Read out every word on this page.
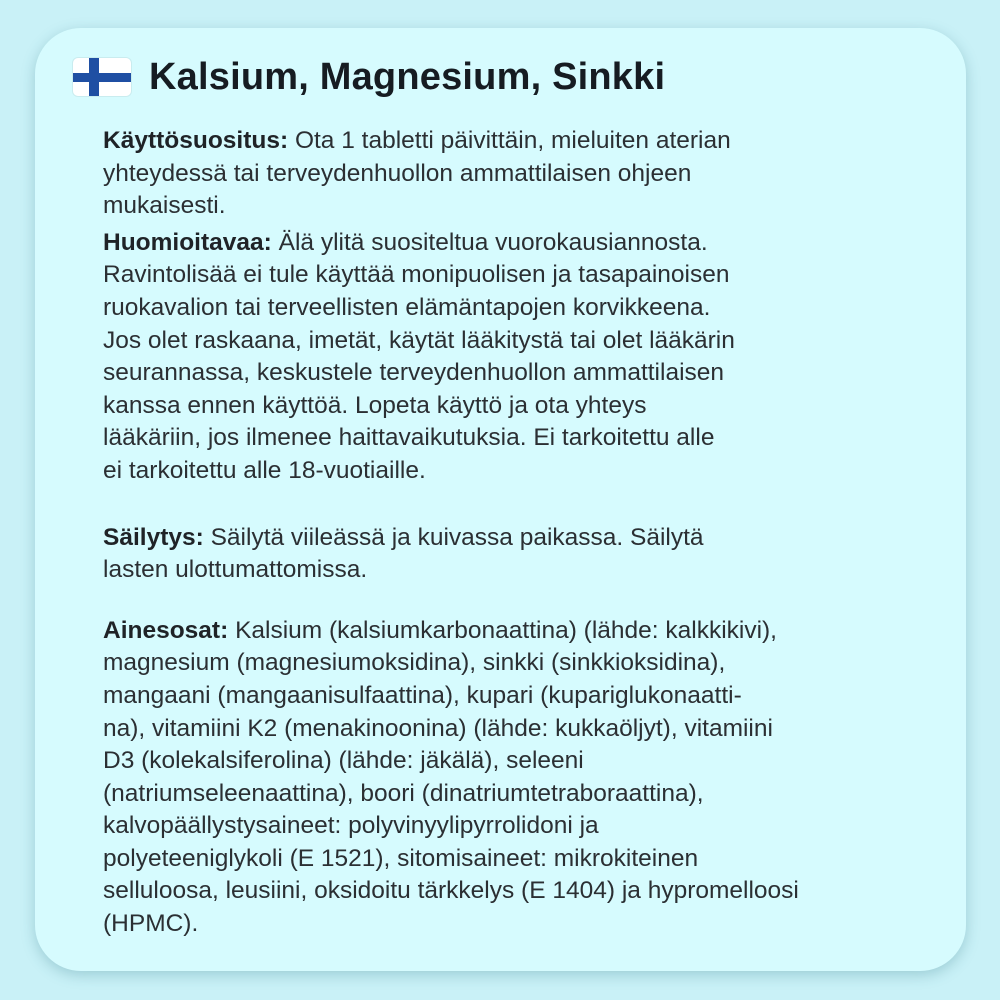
Kalsium, Magnesium, Sinkki

Käyttösuositus: Ota 1 tabletti päivittäin, mieluiten aterian

yhteydessä tai terveydenhuollon ammattilaisen ohjeen

mukaisesti.

Huomioitavaa: Älä ylitä suositeltua vuorokausiannosta.

Ravintolisää ei tule käyttää monipuolisen ja tasapainoisen

ruokavalion tai terveellisten elämäntapojen korvikkeena.

Jos olet raskaana, imetät, käytät lääkitystä tai olet lääkärin

seurannassa, keskustele terveydenhuollon ammattilaisen

kanssa ennen käyttöä. Lopeta käyttö ja ota yhteys

lääkäriin, jos ilmenee haittavaikutuksia. Ei tarkoitettu alle

ei tarkoitettu alle 18-vuotiaille.

Säilytys: Säilytä viileässä ja kuivassa paikassa. Säilytä

lasten ulottumattomissa.

Ainesosat: Kalsium (kalsiumkarbonaattina) (lähde: kalkkikivi),

magnesium (magnesiumoksidina), sinkki (sinkkioksidina),

mangaani (mangaanisulfaattina), kupari (kupariglukonaatti-

na), vitamiini K2 (menakinoonina) (lähde: kukkaöljyt), vitamiini

D3 (kolekalsiferolina) (lähde: jäkälä), seleeni

(natriumseleenaattina), boori (dinatriumtetraboraattina),

kalvopäällystysaineet: polyvinyylipyrrolidoni ja

polyeteeniglykoli (E 1521), sitomisaineet: mikrokiteinen

selluloosa, leusiini, oksidoitu tärkkelys (E 1404) ja hypromelloosi

(HPMC).
